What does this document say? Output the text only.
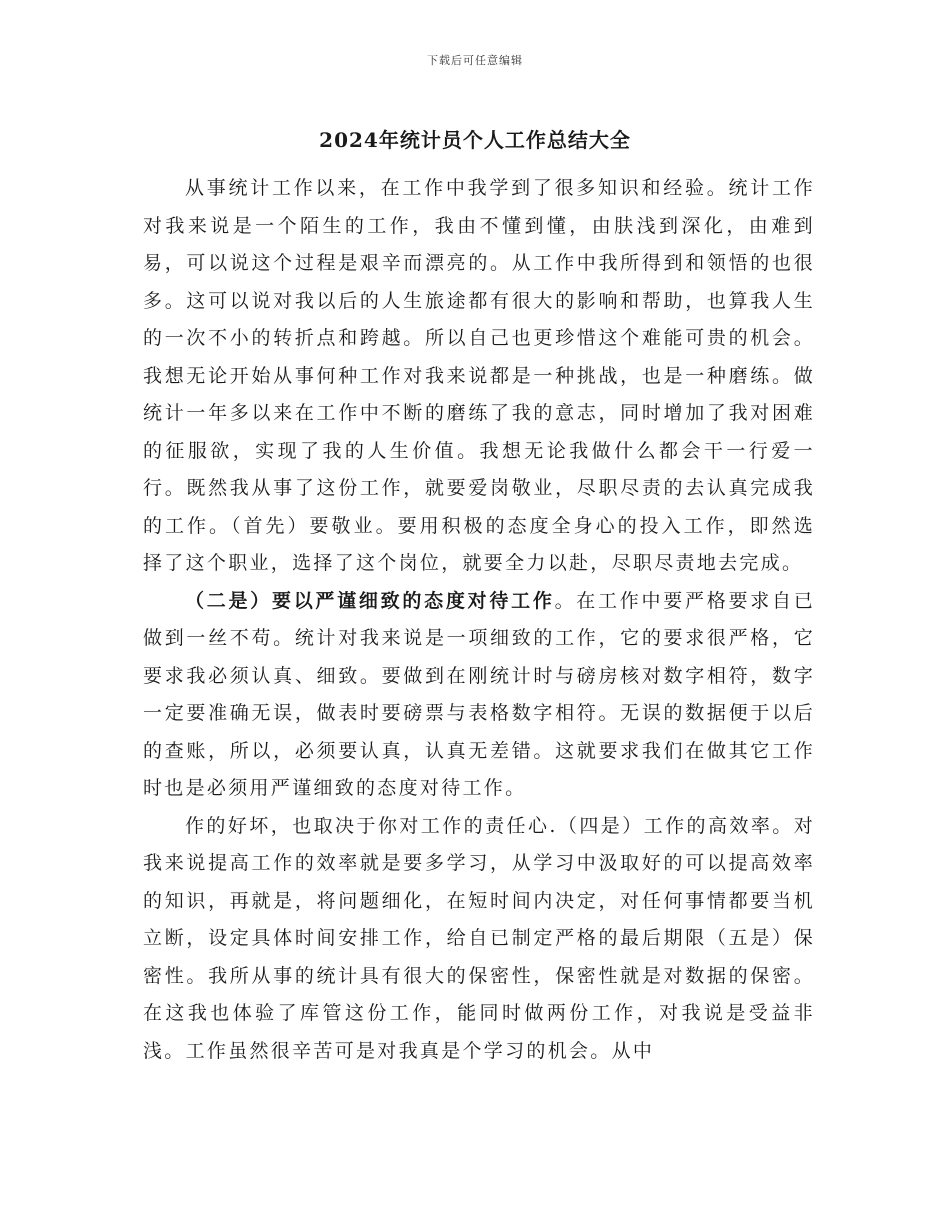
下载后可任意编辑
2024年统计员个人工作总结大全

从事统计工作以来，在工作中我学到了很多知识和经验。统计工作对我来说是一个陌生的工作，我由不懂到懂，由肤浅到深化，由难到易，可以说这个过程是艰辛而漂亮的。从工作中我所得到和领悟的也很多。这可以说对我以后的人生旅途都有很大的影响和帮助，也算我人生的一次不小的转折点和跨越。所以自己也更珍惜这个难能可贵的机会。我想无论开始从事何种工作对我来说都是一种挑战，也是一种磨练。做统计一年多以来在工作中不断的磨练了我的意志，同时增加了我对困难的征服欲，实现了我的人生价值。我想无论我做什么都会干一行爱一行。既然我从事了这份工作，就要爱岗敬业，尽职尽责的去认真完成我的工作。（首先）要敬业。要用积极的态度全身心的投入工作，即然选择了这个职业，选择了这个岗位，就要全力以赴，尽职尽责地去完成。

（二是）要以严谨细致的态度对待工作。在工作中要严格要求自已做到一丝不苟。统计对我来说是一项细致的工作，它的要求很严格，它要求我必须认真、细致。要做到在刚统计时与磅房核对数字相符，数字一定要准确无误，做表时要磅票与表格数字相符。无误的数据便于以后的查账，所以，必须要认真，认真无差错。这就要求我们在做其它工作时也是必须用严谨细致的态度对待工作。

作的好坏，也取决于你对工作的责任心.（四是）工作的高效率。对我来说提高工作的效率就是要多学习，从学习中汲取好的可以提高效率的知识，再就是，将问题细化，在短时间内决定，对任何事情都要当机立断，设定具体时间安排工作，给自已制定严格的最后期限（五是）保密性。我所从事的统计具有很大的保密性，保密性就是对数据的保密。在这我也体验了库管这份工作，能同时做两份工作，对我说是受益非浅。工作虽然很辛苦可是对我真是个学习的机会。从中
